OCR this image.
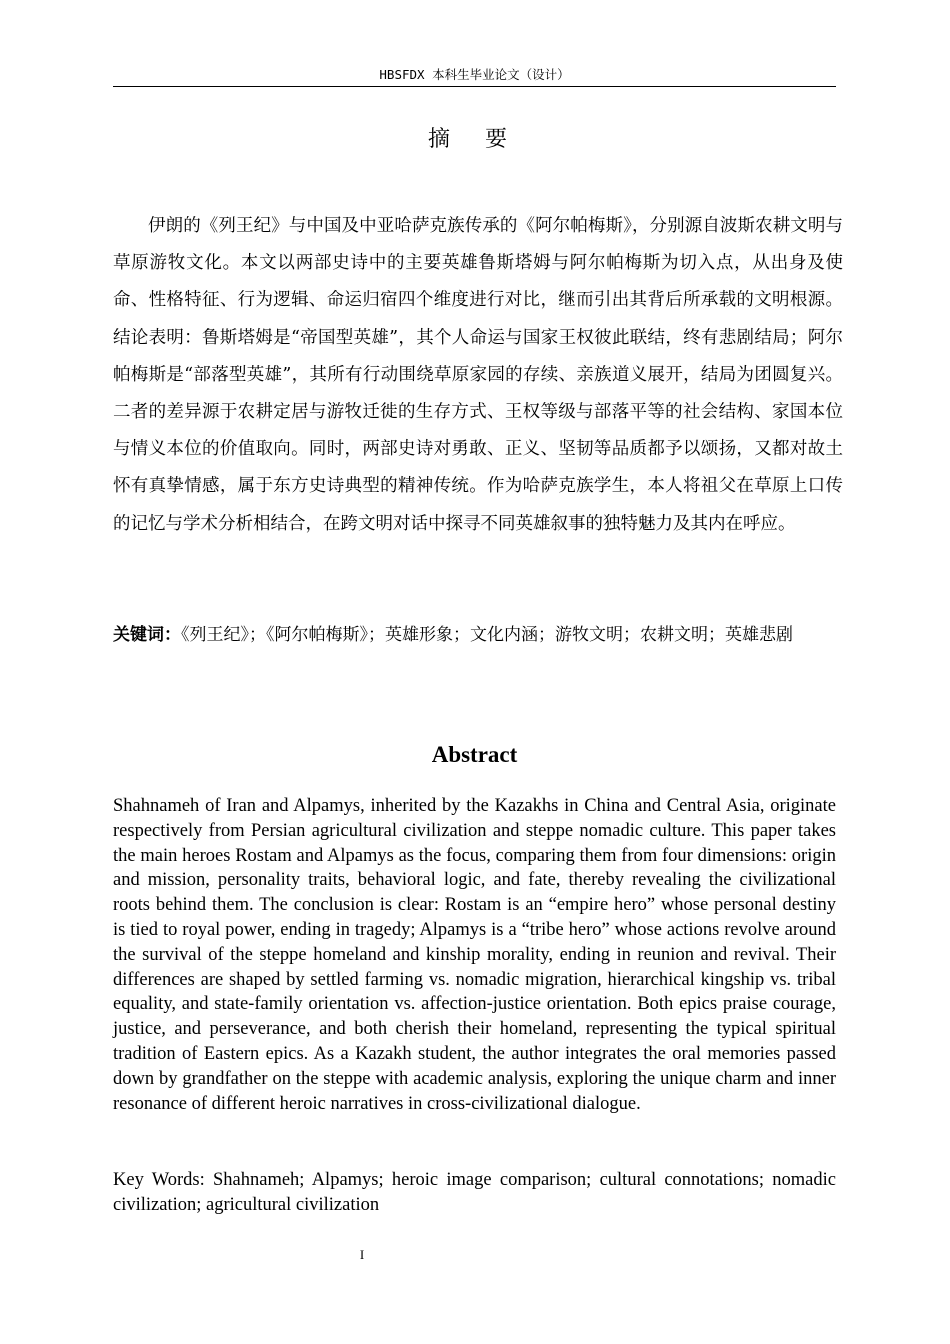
HBSFDX 本科生毕业论文（设计）
摘 要

伊朗的《列王纪》与中国及中亚哈萨克族传承的《阿尔帕梅斯》，分别源自波斯农耕文明与草原游牧文化。本文以两部史诗中的主要英雄鲁斯塔姆与阿尔帕梅斯为切入点，从出身及使命、性格特征、行为逻辑、命运归宿四个维度进行对比，继而引出其背后所承载的文明根源。结论表明：鲁斯塔姆是“帝国型英雄”，其个人命运与国家王权彼此联结，终有悲剧结局；阿尔帕梅斯是“部落型英雄”，其所有行动围绕草原家园的存续、亲族道义展开，结局为团圆复兴。二者的差异源于农耕定居与游牧迁徙的生存方式、王权等级与部落平等的社会结构、家国本位与情义本位的价值取向。同时，两部史诗对勇敢、正义、坚韧等品质都予以颂扬，又都对故土怀有真挚情感，属于东方史诗典型的精神传统。作为哈萨克族学生，本人将祖父在草原上口传的记忆与学术分析相结合，在跨文明对话中探寻不同英雄叙事的独特魅力及其内在呼应。

关键词：《列王纪》；《阿尔帕梅斯》；英雄形象；文化内涵；游牧文明；农耕文明；英雄悲剧

Abstract

Shahnameh of Iran and Alpamys, inherited by the Kazakhs in China and Central Asia, originate respectively from Persian agricultural civilization and steppe nomadic culture. This paper takes the main heroes Rostam and Alpamys as the focus, comparing them from four dimensions: origin and mission, personality traits, behavioral logic, and fate, thereby revealing the civilizational roots behind them. The conclusion is clear: Rostam is an “empire hero” whose personal destiny is tied to royal power, ending in tragedy; Alpamys is a “tribe hero” whose actions revolve around the survival of the steppe homeland and kinship morality, ending in reunion and revival. Their differences are shaped by settled farming vs. nomadic migration, hierarchical kingship vs. tribal equality, and state-family orientation vs. affection-justice orientation. Both epics praise courage, justice, and perseverance, and both cherish their homeland, representing the typical spiritual tradition of Eastern epics. As a Kazakh student, the author integrates the oral memories passed down by grandfather on the steppe with academic analysis, exploring the unique charm and inner resonance of different heroic narratives in cross-civilizational dialogue.

Key Words: Shahnameh; Alpamys; heroic image comparison; cultural connotations; nomadic civilization; agricultural civilization

I
